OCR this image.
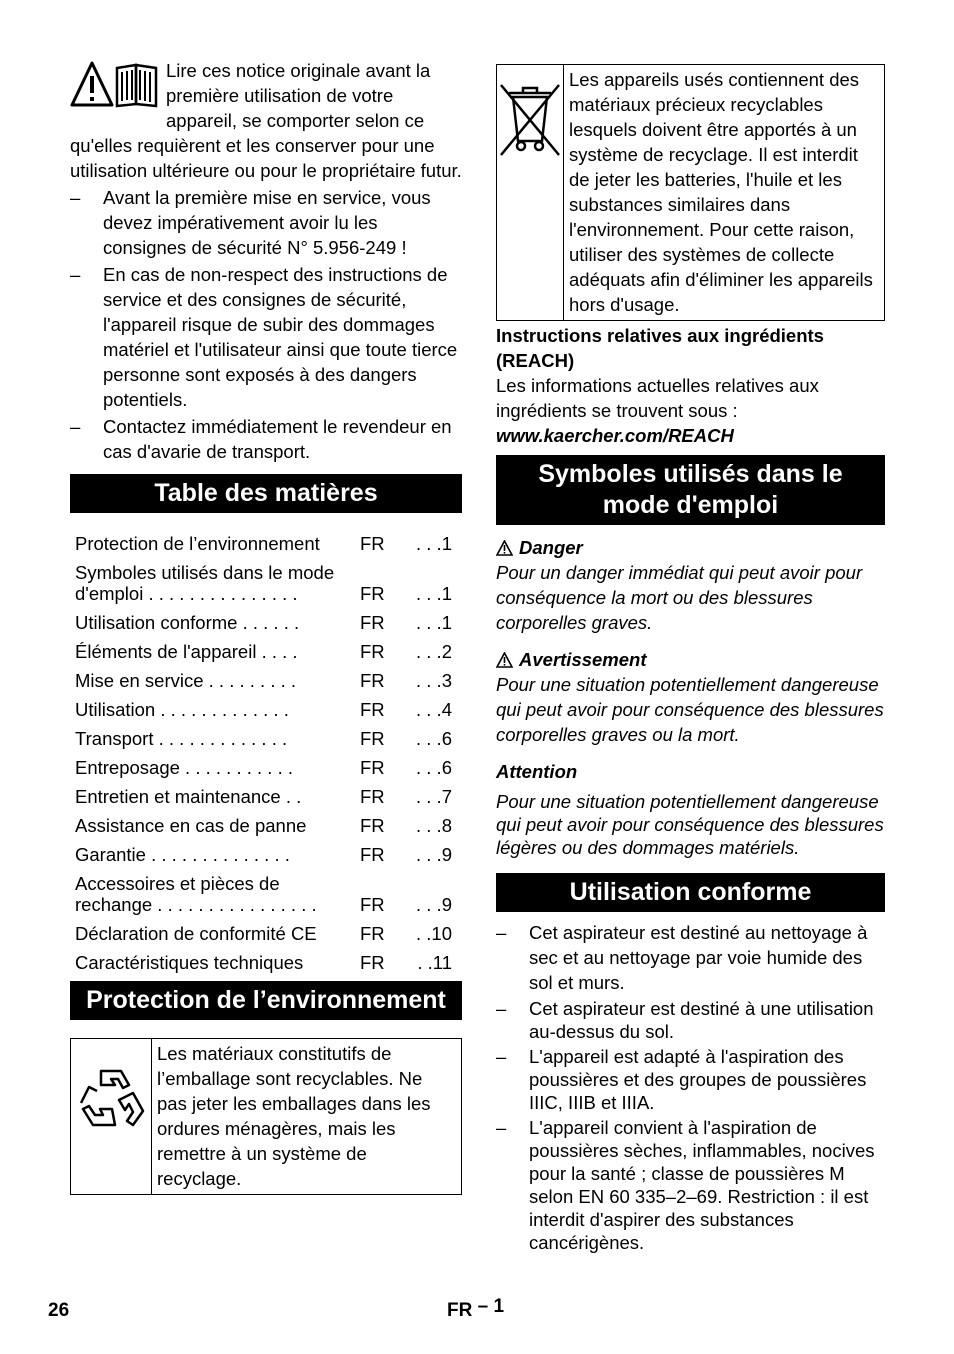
Lire ces notice originale avant la première utilisation de votre appareil, se comporter selon ce qu'elles requièrent et les conserver pour une utilisation ultérieure ou pour le propriétaire futur.

– Avant la première mise en service, vous devez impérativement avoir lu les consignes de sécurité N° 5.956-249 !
– En cas de non-respect des instructions de service et des consignes de sécurité, l'appareil risque de subir des dommages matériel et l'utilisateur ainsi que toute tierce personne sont exposés à des dangers potentiels.
– Contactez immédiatement le revendeur en cas d'avarie de transport.
Table des matières
Protection de l’environnement	FR	. . .1
Symboles utilisés dans le mode d'emploi . . . . . . . . . . . . . . .	FR	. . .1
Utilisation conforme . . . . . .	FR	. . .1
Éléments de l'appareil . . . .	FR	. . .2
Mise en service . . . . . . . . .	FR	. . .3
Utilisation . . . . . . . . . . . . .	FR	. . .4
Transport . . . . . . . . . . . . .	FR	. . .6
Entreposage . . . . . . . . . . .	FR	. . .6
Entretien et maintenance . .	FR	. . .7
Assistance en cas de panne	FR	. . .8
Garantie . . . . . . . . . . . . . .	FR	. . .9
Accessoires et pièces de rechange . . . . . . . . . . . . . . . .	FR	. . .9
Déclaration de conformité CE	FR	. .10
Caractéristiques techniques	FR	. .11
Protection de l’environnement
Les matériaux constitutifs de l’emballage sont recyclables. Ne pas jeter les emballages dans les ordures ménagères, mais les remettre à un système de recyclage.
Les appareils usés contiennent des matériaux précieux recyclables lesquels doivent être apportés à un système de recyclage. Il est interdit de jeter les batteries, l'huile et les substances similaires dans l'environnement. Pour cette raison, utiliser des systèmes de collecte adéquats afin d'éliminer les appareils hors d'usage.

Instructions relatives aux ingrédients (REACH)

Les informations actuelles relatives aux ingrédients se trouvent sous :

www.kaercher.com/REACH

Symboles utilisés dans le mode d'emploi

Danger

Pour un danger immédiat qui peut avoir pour conséquence la mort ou des blessures corporelles graves.

Avertissement

Pour une situation potentiellement dangereuse qui peut avoir pour conséquence des blessures corporelles graves ou la mort.

Attention

Pour une situation potentiellement dangereuse qui peut avoir pour conséquence des blessures légères ou des dommages matériels.

Utilisation conforme
– Cet aspirateur est destiné au nettoyage à sec et au nettoyage par voie humide des sol et murs.
– Cet aspirateur est destiné à une utilisation au-dessus du sol.
– L'appareil est adapté à l'aspiration des poussières et des groupes de poussières IIIC, IIIB et IIIA.
– L'appareil convient à l'aspiration de poussières sèches, inflammables, nocives pour la santé ; classe de poussières M selon EN 60 335–2–69. Restriction : il est interdit d'aspirer des substances cancérigènes.
26	FR – 1
